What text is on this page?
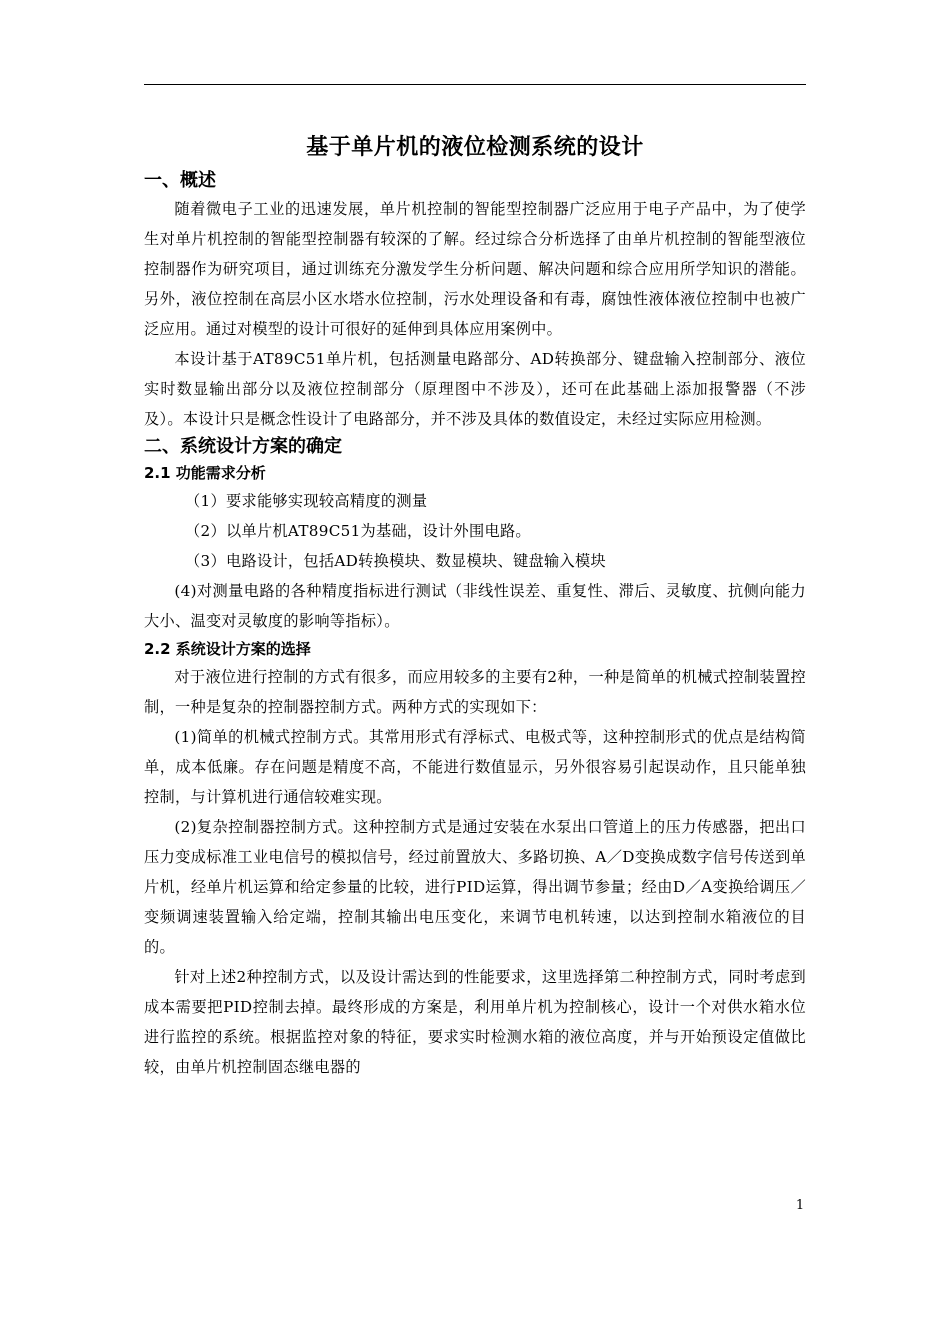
基于单片机的液位检测系统的设计
一、概述

随着微电子工业的迅速发展，单片机控制的智能型控制器广泛应用于电子产品中，为了使学生对单片机控制的智能型控制器有较深的了解。经过综合分析选择了由单片机控制的智能型液位控制器作为研究项目，通过训练充分激发学生分析问题、解决问题和综合应用所学知识的潜能。另外，液位控制在高层小区水塔水位控制，污水处理设备和有毒，腐蚀性液体液位控制中也被广泛应用。通过对模型的设计可很好的延伸到具体应用案例中。

本设计基于AT89C51单片机，包括测量电路部分、AD转换部分、键盘输入控制部分、液位实时数显输出部分以及液位控制部分（原理图中不涉及），还可在此基础上添加报警器（不涉及）。本设计只是概念性设计了电路部分，并不涉及具体的数值设定，未经过实际应用检测。

二、系统设计方案的确定
2.1 功能需求分析

（1）要求能够实现较高精度的测量

（2）以单片机AT89C51为基础，设计外围电路。

（3）电路设计，包括AD转换模块、数显模块、键盘输入模块

(4)对测量电路的各种精度指标进行测试（非线性误差、重复性、滞后、灵敏度、抗侧向能力大小、温变对灵敏度的影响等指标）。

2.2 系统设计方案的选择

对于液位进行控制的方式有很多，而应用较多的主要有2种，一种是简单的机械式控制装置控制，一种是复杂的控制器控制方式。两种方式的实现如下：

(1)简单的机械式控制方式。其常用形式有浮标式、电极式等，这种控制形式的优点是结构简单，成本低廉。存在问题是精度不高，不能进行数值显示，另外很容易引起误动作，且只能单独控制，与计算机进行通信较难实现。

(2)复杂控制器控制方式。这种控制方式是通过安装在水泵出口管道上的压力传感器，把出口压力变成标准工业电信号的模拟信号，经过前置放大、多路切换、A／D变换成数字信号传送到单片机，经单片机运算和给定参量的比较，进行PID运算，得出调节参量；经由D／A变换给调压／变频调速装置输入给定端，控制其输出电压变化，来调节电机转速，以达到控制水箱液位的目的。

针对上述2种控制方式，以及设计需达到的性能要求，这里选择第二种控制方式，同时考虑到成本需要把PID控制去掉。最终形成的方案是，利用单片机为控制核心，设计一个对供水箱水位进行监控的系统。根据监控对象的特征，要求实时检测水箱的液位高度，并与开始预设定值做比较，由单片机控制固态继电器的

1
